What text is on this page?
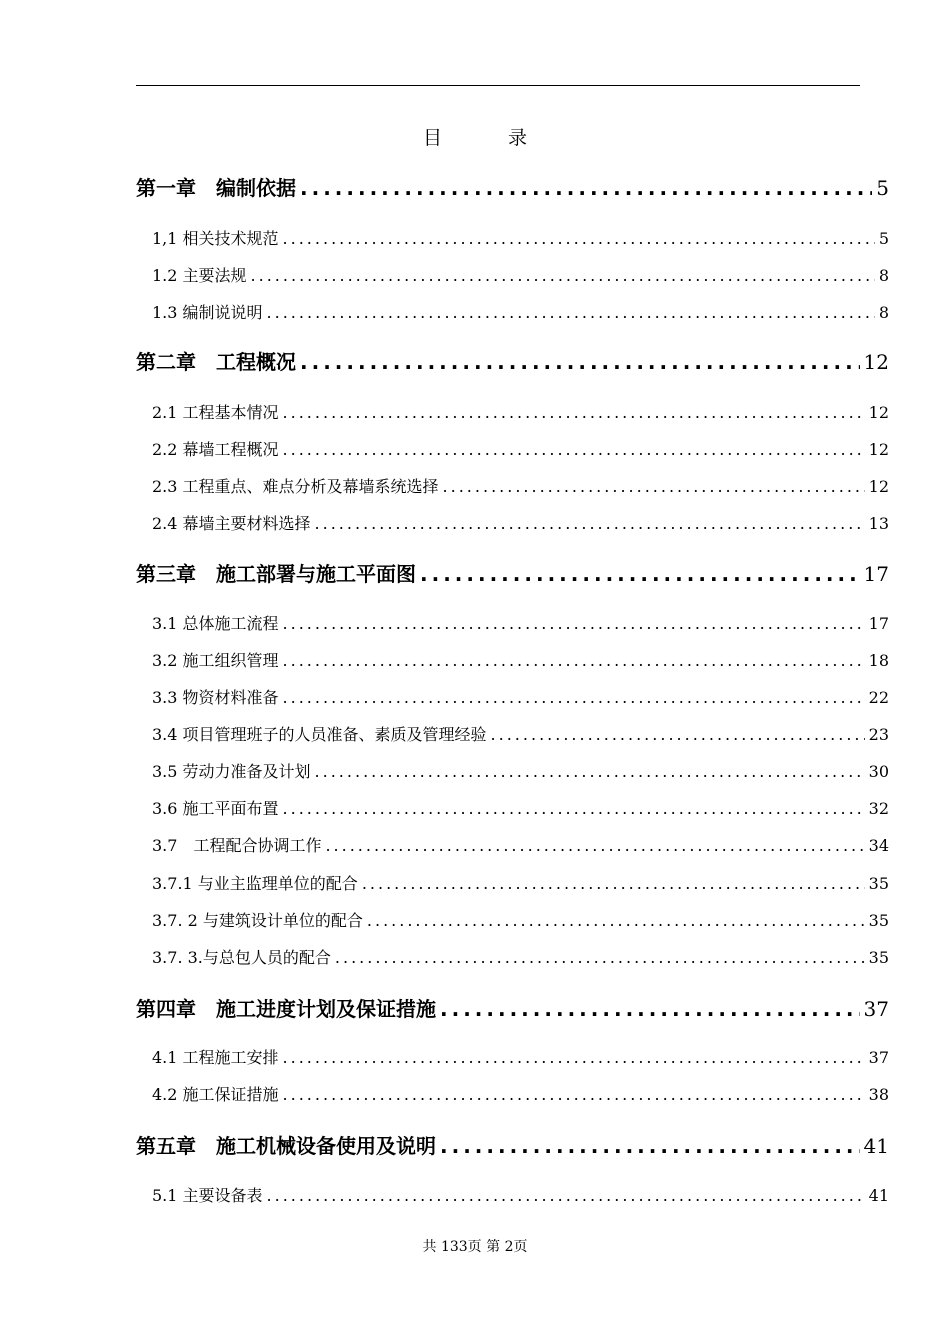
目	录
第一章　编制依据 .....	5
1,1 相关技术规范 .....	5
1.2 主要法规 .....	8
1.3 编制说说明 .....	8
第二章　工程概况 .....	12
2.1 工程基本情况 .....	12
2.2 幕墙工程概况 .....	12
2.3 工程重点、难点分析及幕墙系统选择 .....	12
2.4 幕墙主要材料选择 .....	13
第三章　施工部署与施工平面图 .....	17
3.1 总体施工流程 .....	17
3.2 施工组织管理 .....	18
3.3 物资材料准备 .....	22
3.4 项目管理班子的人员准备、素质及管理经验 .....	23
3.5 劳动力准备及计划 .....	30
3.6 施工平面布置 .....	32
3.7　工程配合协调工作 .....	34
3.7.1 与业主监理单位的配合 .....	35
3.7. 2 与建筑设计单位的配合 .....	35
3.7. 3.与总包人员的配合 .....	35
第四章　施工进度计划及保证措施 .....	37
4.1 工程施工安排 .....	37
4.2 施工保证措施 .....	38
第五章　施工机械设备使用及说明 .....	41
5.1 主要设备表 .....	41
共 133页 第 2页
